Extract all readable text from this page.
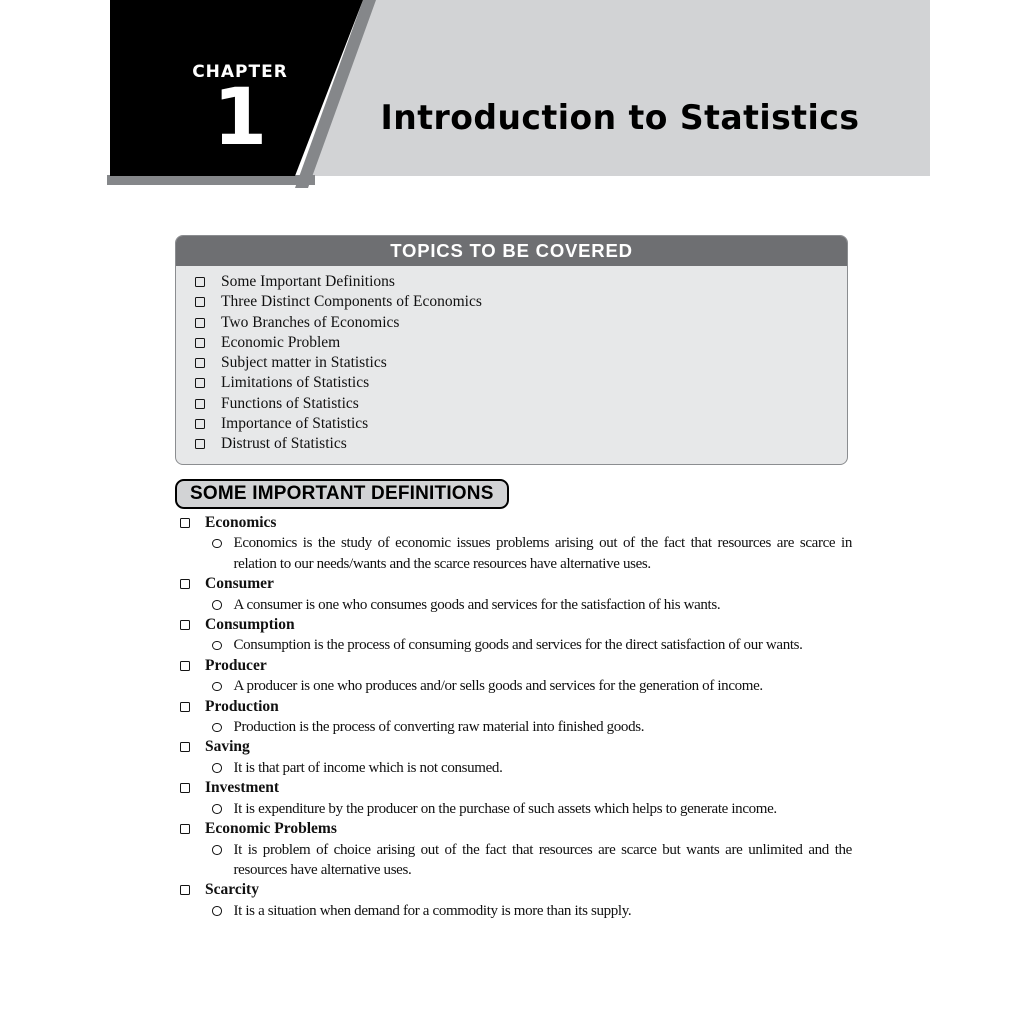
CHAPTER
1	Introduction to Statistics
TOPICS TO BE COVERED
Some Important Definitions
Three Distinct Components of Economics
Two Branches of Economics
Economic Problem
Subject matter in Statistics
Limitations of Statistics
Functions of Statistics
Importance of Statistics
Distrust of Statistics
SOME IMPORTANT DEFINITIONS
Economics
Economics is the study of economic issues problems arising out of the fact that resources are scarce in relation to our needs/wants and the scarce resources have alternative uses.
Consumer
A consumer is one who consumes goods and services for the satisfaction of his wants.
Consumption
Consumption is the process of consuming goods and services for the direct satisfaction of our wants.
Producer
A producer is one who produces and/or sells goods and services for the generation of income.
Production
Production is the process of converting raw material into finished goods.
Saving
It is that part of income which is not consumed.
Investment
It is expenditure by the producer on the purchase of such assets which helps to generate income.
Economic Problems
It is problem of choice arising out of the fact that resources are scarce but wants are unlimited and the resources have alternative uses.
Scarcity
It is a situation when demand for a commodity is more than its supply.
